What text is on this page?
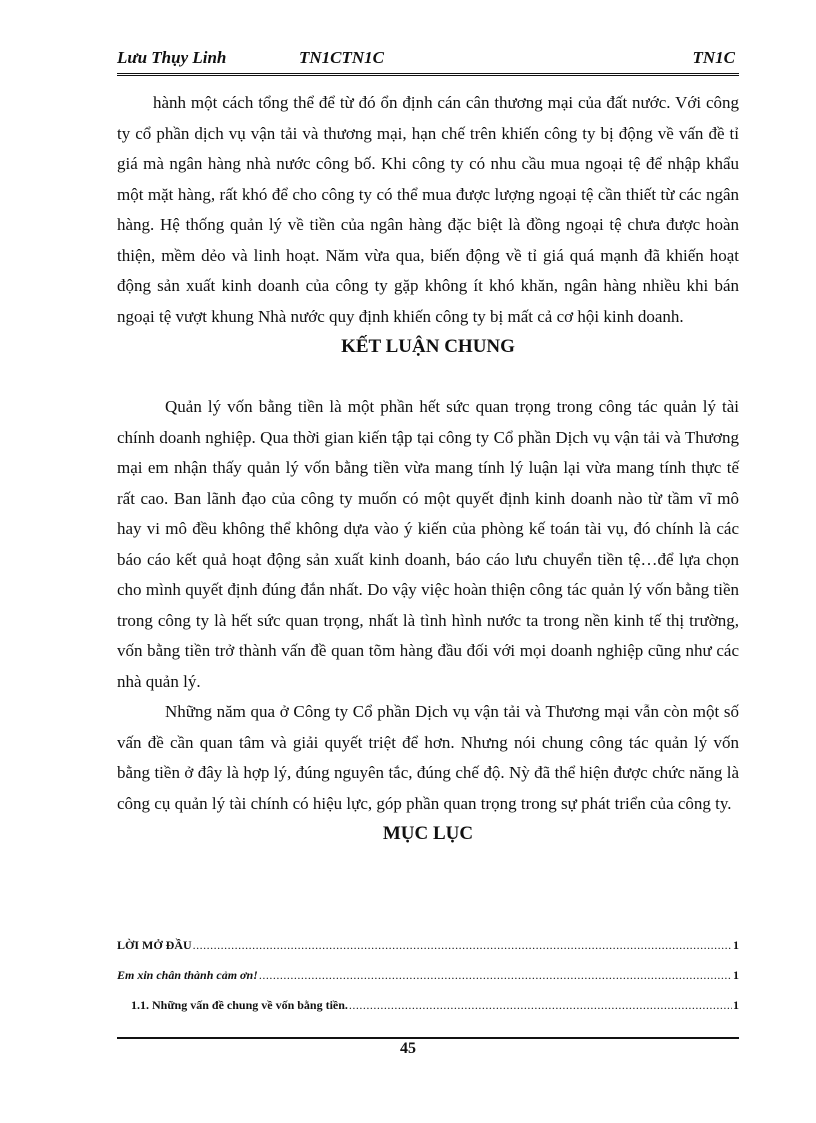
Lưu Thụy Linh	TN1CTN1C	TN1C

hành một cách tổng thể để từ đó ổn định cán cân thương mại của đất nước. Với công ty cổ phần dịch vụ vận tải và thương mại, hạn chế trên khiến công ty bị động về vấn đề tỉ giá mà ngân hàng nhà nước công bố. Khi công ty có nhu cầu mua ngoại tệ để nhập khẩu một mặt hàng, rất khó để cho công ty có thể mua được lượng ngoại tệ cần thiết từ các ngân hàng. Hệ thống quản lý về tiền của ngân hàng đặc biệt là đồng ngoại tệ chưa được hoàn thiện, mềm dẻo và linh hoạt. Năm vừa qua, biến động về tỉ giá quá mạnh đã khiến hoạt động sản xuất kinh doanh của công ty gặp không ít khó khăn, ngân hàng nhiều khi bán ngoại tệ vượt khung Nhà nước quy định khiến công ty bị mất cả cơ hội kinh doanh.

KẾT LUẬN CHUNG

Quản lý vốn bằng tiền là một phần hết sức quan trọng trong công tác quản lý tài chính doanh nghiệp. Qua thời gian kiến tập tại công ty Cổ phần Dịch vụ vận tải và Thương mại em nhận thấy quản lý vốn bằng tiền vừa mang tính lý luận lại vừa mang tính thực tế rất cao. Ban lãnh đạo của công ty muốn có một quyết định kinh doanh nào từ tầm vĩ mô hay vi mô đều không thể không dựa vào ý kiến của phòng kế toán tài vụ, đó chính là các báo cáo kết quả hoạt động sản xuất kinh doanh, báo cáo lưu chuyển tiền tệ…để lựa chọn cho mình quyết định đúng đắn nhất. Do vậy việc hoàn thiện công tác quản lý vốn bằng tiền trong công ty là hết sức quan trọng, nhất là tình hình nước ta trong nền kinh tế thị trường, vốn bằng tiền trở thành vấn đề quan tõm hàng đầu đối với mọi doanh nghiệp cũng như các nhà quản lý.

Những năm qua ở Công ty Cổ phần Dịch vụ vận tải và Thương mại vẫn còn một số vấn đề cần quan tâm và giải quyết triệt để hơn. Nhưng nói chung công tác quản lý vốn bằng tiền ở đây là hợp lý, đúng nguyên tắc, đúng chế độ. Nỳ đã thể hiện được chức năng là công cụ quản lý tài chính có hiệu lực, góp phần quan trọng trong sự phát triển của công ty.

MỤC LỤC

LỜI MỞ ĐẦU .....	1
Em xin chân thành cảm ơn! .....	1
1.1. Những vấn đề chung về vốn bằng tiền. .....	1
45
